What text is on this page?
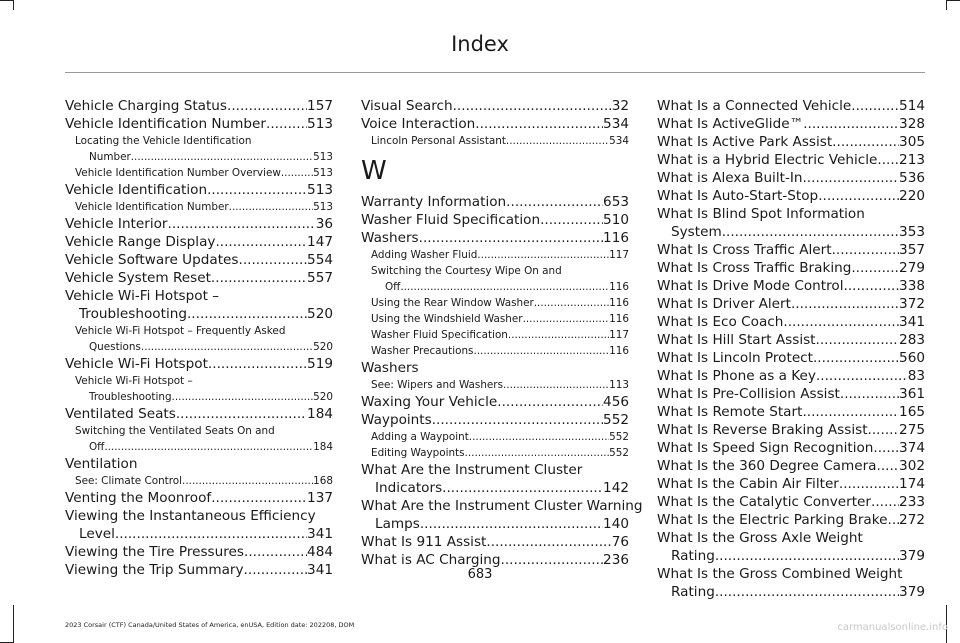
Index
Vehicle Charging Status .....	157
Vehicle Identification Number .....	513
Locating the Vehicle Identification
Number .....	513
Vehicle Identification Number Overview .....	513
Vehicle Identification .....	513
Vehicle Identification Number .....	513
Vehicle Interior .....	36
Vehicle Range Display .....	147
Vehicle Software Updates .....	554
Vehicle System Reset .....	557
Vehicle Wi-Fi Hotspot –
Troubleshooting .....	520
Vehicle Wi-Fi Hotspot – Frequently Asked
Questions .....	520
Vehicle Wi-Fi Hotspot .....	519
Vehicle Wi-Fi Hotspot –
Troubleshooting .....	520
Ventilated Seats .....	184
Switching the Ventilated Seats On and
Off .....	184
Ventilation
See: Climate Control .....	168
Venting the Moonroof .....	137
Viewing the Instantaneous Efficiency
Level .....	341
Viewing the Tire Pressures .....	484
Viewing the Trip Summary .....	341
Visual Search .....	32
Voice Interaction .....	534
Lincoln Personal Assistant .....	534
W
Warranty Information .....	653
Washer Fluid Specification .....	510
Washers .....	116
Adding Washer Fluid .....	117
Switching the Courtesy Wipe On and
Off .....	116
Using the Rear Window Washer .....	116
Using the Windshield Washer .....	116
Washer Fluid Specification .....	117
Washer Precautions .....	116
Washers
See: Wipers and Washers .....	113
Waxing Your Vehicle .....	456
Waypoints .....	552
Adding a Waypoint .....	552
Editing Waypoints .....	552
What Are the Instrument Cluster
Indicators .....	142
What Are the Instrument Cluster Warning
Lamps .....	140
What Is 911 Assist .....	76
What is AC Charging .....	236
What Is a Connected Vehicle .....	514
What Is ActiveGlide™ .....	328
What Is Active Park Assist .....	305
What is a Hybrid Electric Vehicle ..... 213
What is Alexa Built-In .....	536
What Is Auto-Start-Stop .....	220
What Is Blind Spot Information
System .....	353
What Is Cross Traffic Alert .....	357
What Is Cross Traffic Braking .....	279
What Is Drive Mode Control .....	338
What Is Driver Alert .....	372
What Is Eco Coach .....	341
What Is Hill Start Assist .....	283
What Is Lincoln Protect .....	560
What Is Phone as a Key .....	83
What Is Pre-Collision Assist .....	361
What Is Remote Start .....	165
What Is Reverse Braking Assist ..... 275
What Is Speed Sign Recognition ..... 374
What Is the 360 Degree Camera ..... 302
What Is the Cabin Air Filter .....	174
What Is the Catalytic Converter ..... 233
What Is the Electric Parking Brake ..... 272
What Is the Gross Axle Weight
Rating .....	379
What Is the Gross Combined Weight
Rating .....	379
683
2023 Corsair (CTF) Canada/United States of America, enUSA, Edition date: 202208, DOM	carmanualsonline.info
